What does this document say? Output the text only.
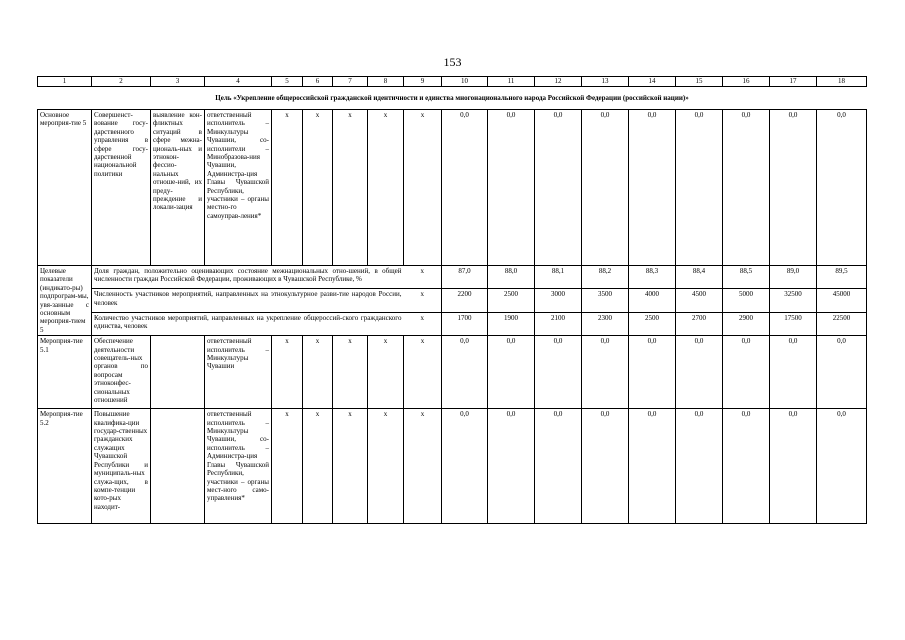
153
1	2	3	4	5	6	7	8	9	10	11	12	13	14	15	16	17	18
Цель «Укрепление общероссийской гражданской идентичности и единства многонационального народа Российской Федерации (российской нации)»																	
Основное мероприя-тие 5	Совершенст-вование госу-дарственного управления в сфере госу-дарственной национальной политики	выявление кон-фликтных ситуаций в сфере межна-циональ-ных и этнокон-фессио-нальных отноше-ний, их преду-преждение и локали-зация	ответственный исполнитель – Минкультуры Чувашии, со-исполнители – Минобразова-ния Чувашии, Администра-ция Главы Чувашской Республики, участники – органы местно-го самоуправ-ления*	x	x	x	x	x	0,0	0,0	0,0	0,0	0,0	0,0	0,0	0,0	0,0
Целевые показатели (индикато-ры) подпрограм-мы, увя-занные с основным мероприя-тием 5	Доля граждан, положительно оценивающих состояние межнациональных отно-шений, в общей численности граждан Российской Федерации, проживающих в Чувашской Республике, %							x	87,0	88,0	88,1	88,2	88,3	88,4	88,5	89,0	89,5
	Численность участников мероприятий, направленных на этнокультурное разви-тие народов России, человек							x	2200	2500	3000	3500	4000	4500	5000	32500	45000
	Количество участников мероприятий, направленных на укрепление общероссий-ского гражданского единства, человек							x	1700	1900	2100	2300	2500	2700	2900	17500	22500
Мероприя-тие 5.1	Обеспечение деятельности совещатель-ных органов по вопросам этноконфес-сиональных отношений		ответственный исполнитель – Минкультуры Чувашии	x	x	x	x	x	0,0	0,0	0,0	0,0	0,0	0,0	0,0	0,0	0,0
Мероприя-тие 5.2	Повышение квалифика-ции государ-ственных гражданских служащих Чувашской Республики и муниципаль-ных служа-щих, в компе-тенции кото-рых находит-		ответственный исполнитель – Минкультуры Чувашии, со-исполнитель – Администра-ция Главы Чувашской Республики, участники – органы мест-ного само-управления*	x	x	x	x	x	0,0	0,0	0,0	0,0	0,0	0,0	0,0	0,0	0,0
